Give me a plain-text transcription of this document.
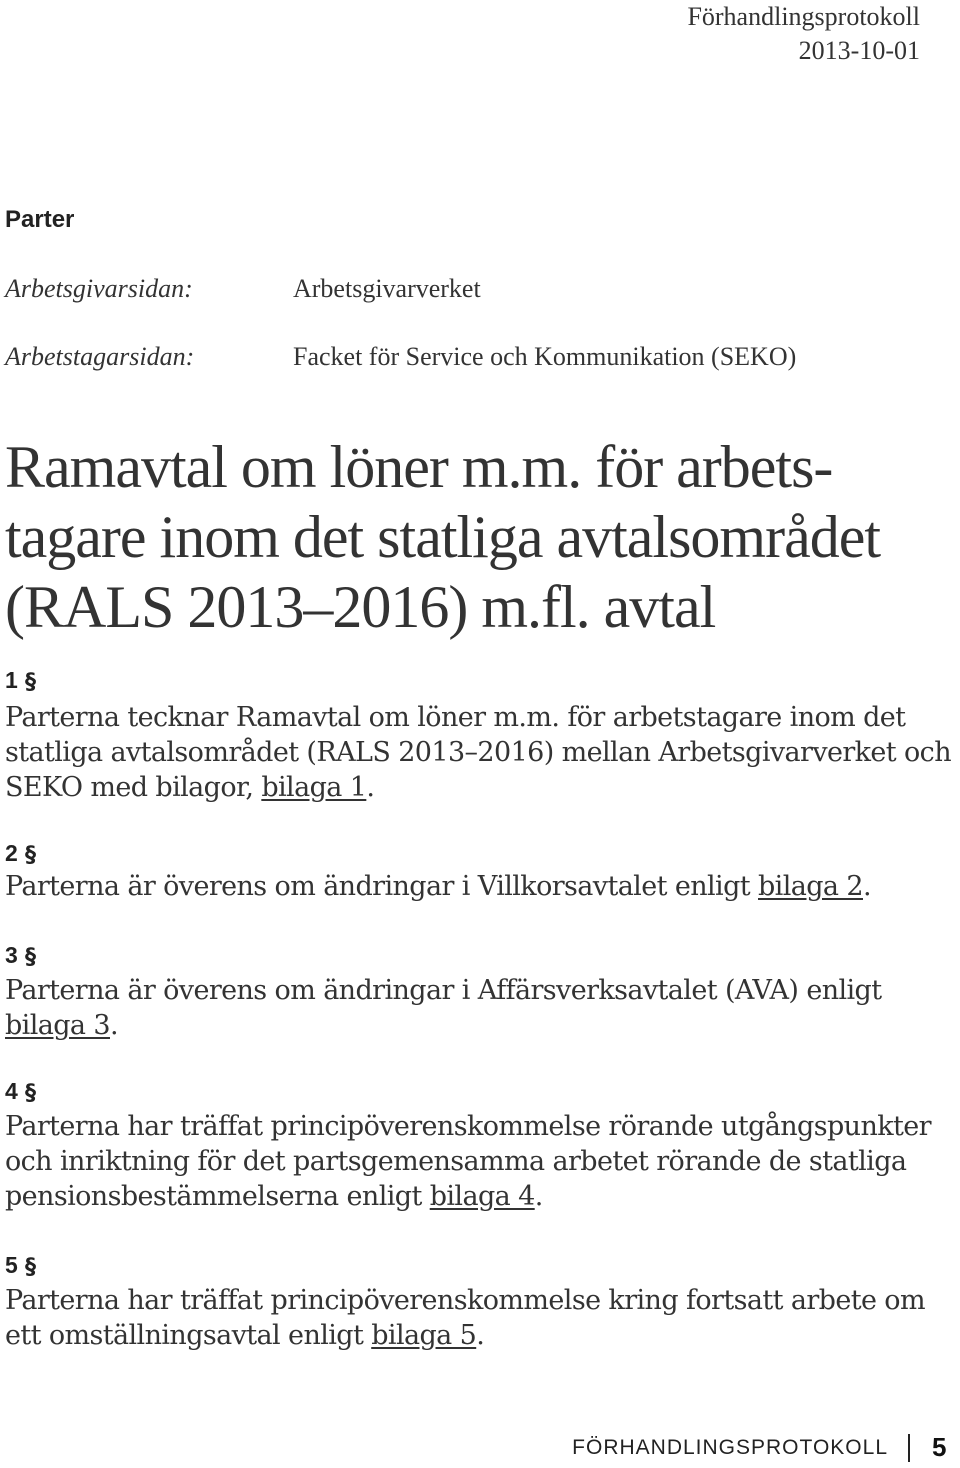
Förhandlingsprotokoll
2013-10-01
Parter
Arbetsgivarsidan:	Arbetsgivarverket
Arbetstagarsidan:	Facket för Service och Kommunikation (SEKO)
Ramavtal om löner m.m. för arbets-
tagare inom det statliga avtalsområdet
(RALS 2013–2016) m.fl. avtal
1 §
Parterna tecknar Ramavtal om löner m.m. för arbetstagare inom det
statliga avtalsområdet (RALS 2013–2016) mellan Arbetsgivarverket och
SEKO med bilagor, bilaga 1.
2 §
Parterna är överens om ändringar i Villkorsavtalet enligt bilaga 2.
3 §
Parterna är överens om ändringar i Affärsverksavtalet (AVA) enligt
bilaga 3.
4 §
Parterna har träffat principöverenskommelse rörande utgångspunkter
och inriktning för det partsgemensamma arbetet rörande de statliga
pensionsbestämmelserna enligt bilaga 4.
5 §
Parterna har träffat principöverenskommelse kring fortsatt arbete om
ett omställningsavtal enligt bilaga 5.
FÖRHANDLINGSPROTOKOLL 5
